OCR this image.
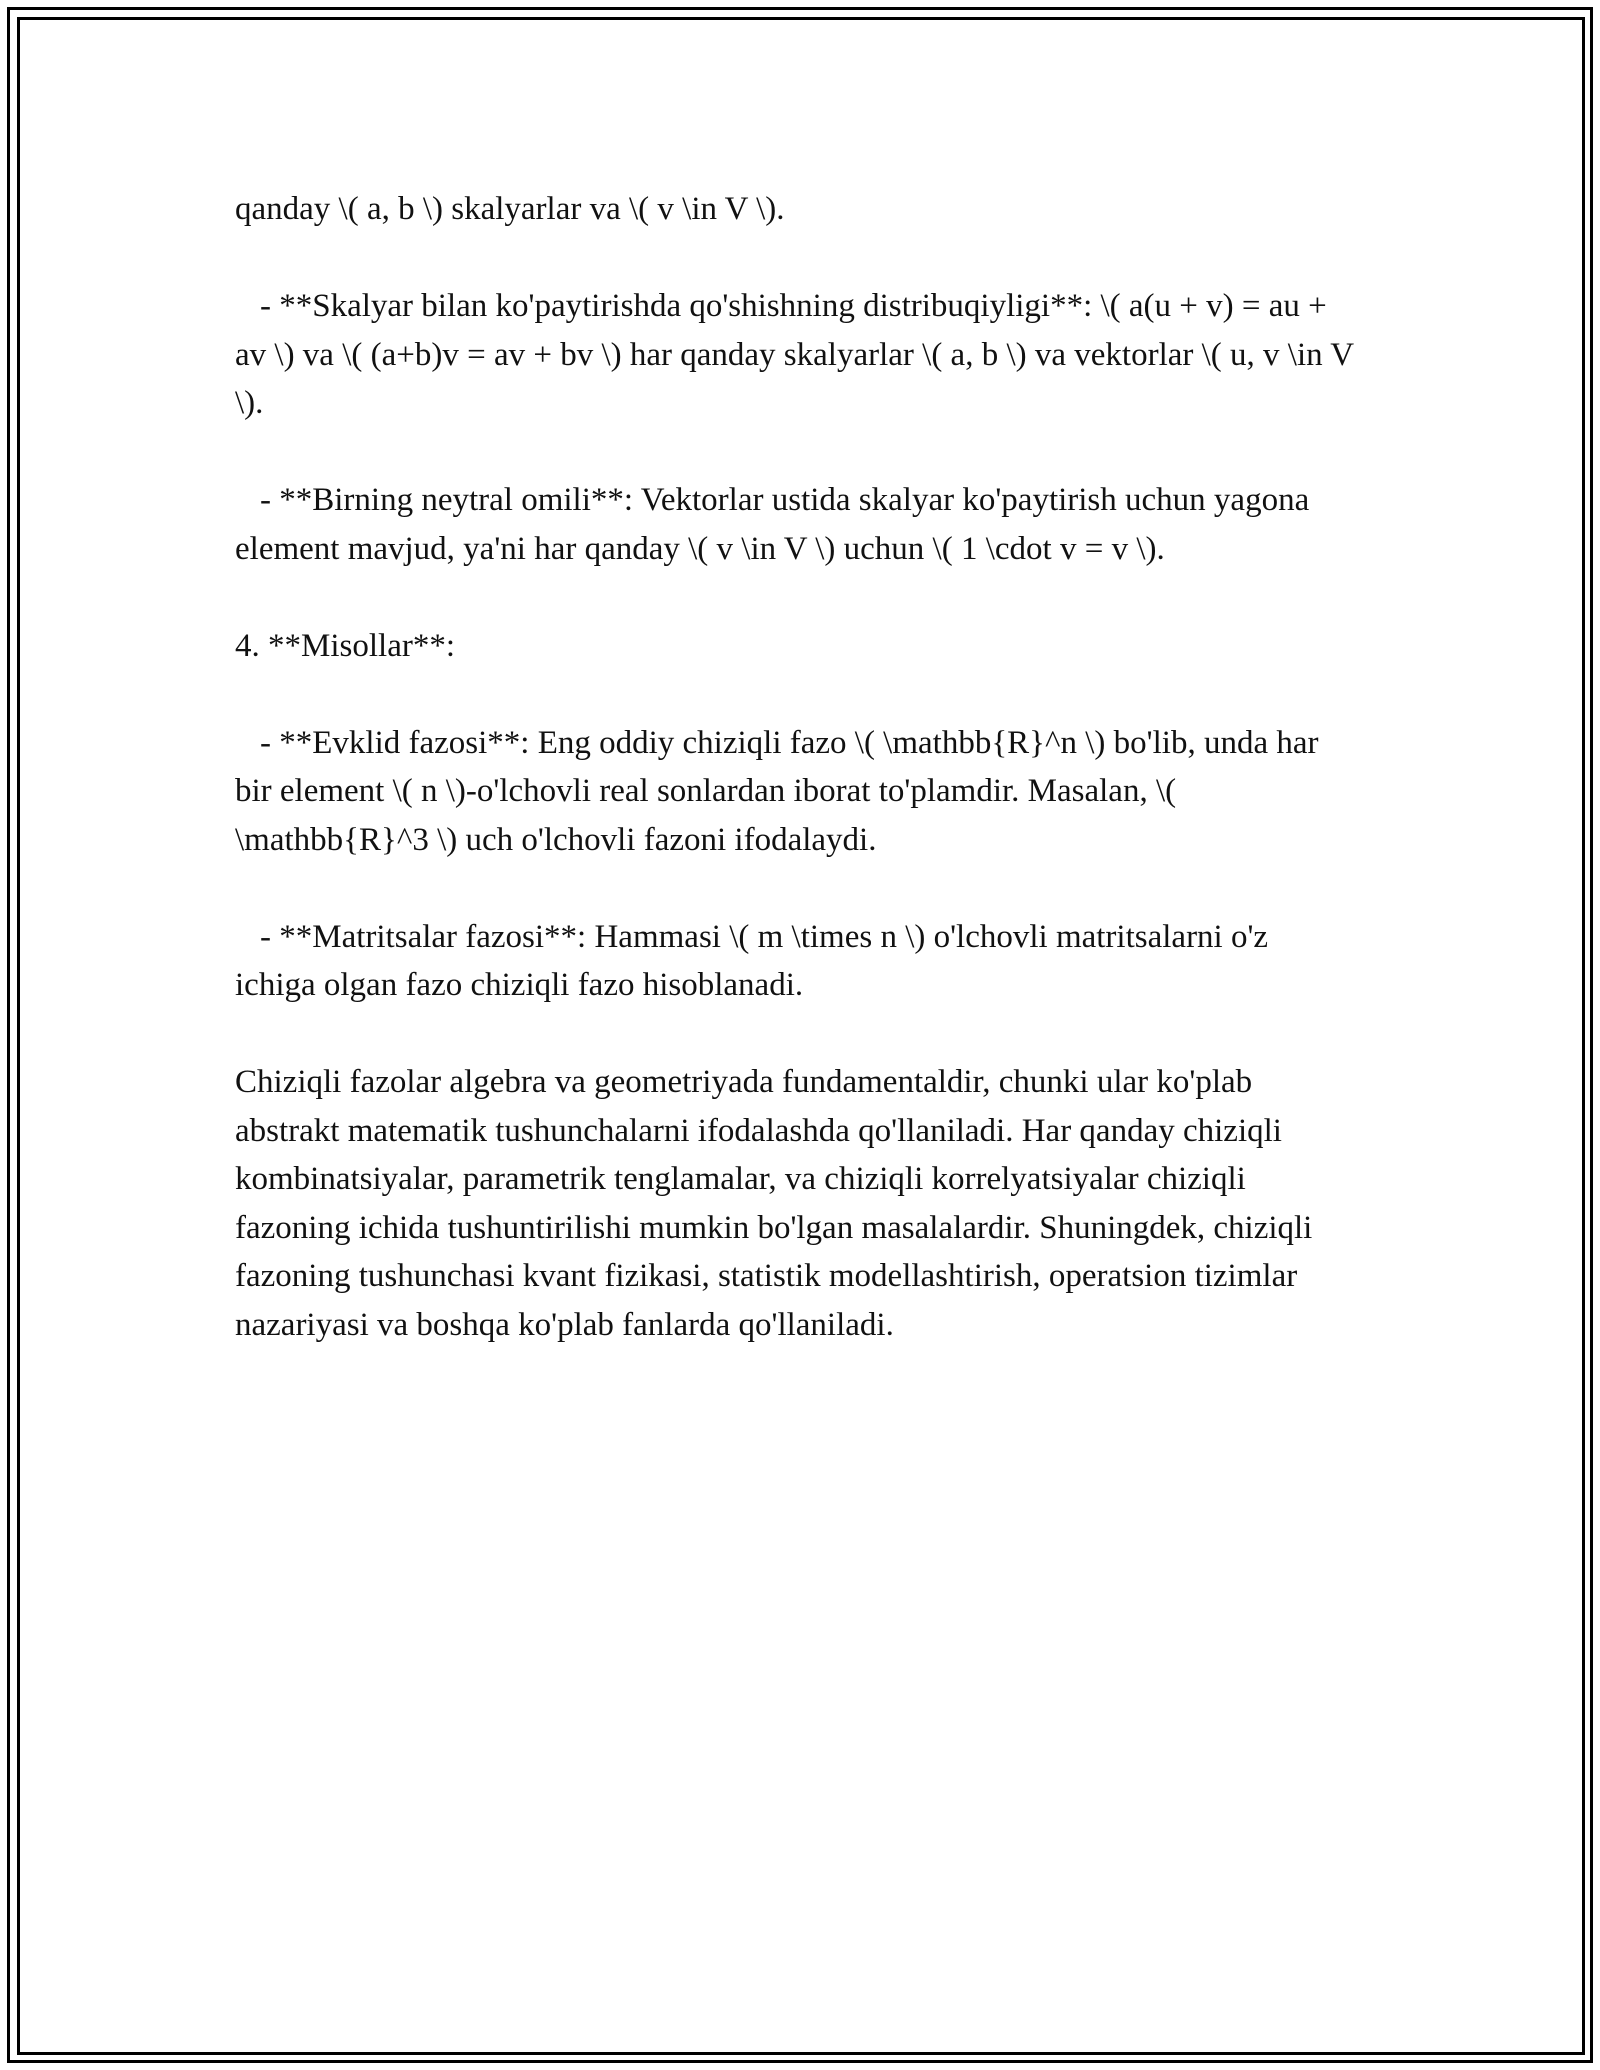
qanday \( a, b \) skalyarlar va \( v \in V \).

- **Skalyar bilan ko'paytirishda qo'shishning distribuqiyligi**: \( a(u + v) = au + av \) va \( (a+b)v = av + bv \) har qanday skalyarlar \( a, b \) va vektorlar \( u, v \in V \).

- **Birning neytral omili**: Vektorlar ustida skalyar ko'paytirish uchun yagona element mavjud, ya'ni har qanday \( v \in V \) uchun \( 1 \cdot v = v \).

4. **Misollar**:

- **Evklid fazosi**: Eng oddiy chiziqli fazo \( \mathbb{R}^n \) bo'lib, unda har bir element \( n \)-o'lchovli real sonlardan iborat to'plamdir. Masalan, \( \mathbb{R}^3 \) uch o'lchovli fazoni ifodalaydi.

- **Matritsalar fazosi**: Hammasi \( m \times n \) o'lchovli matritsalarni o'z ichiga olgan fazo chiziqli fazo hisoblanadi.

Chiziqli fazolar algebra va geometriyada fundamentaldir, chunki ular ko'plab abstrakt matematik tushunchalarni ifodalashda qo'llaniladi. Har qanday chiziqli kombinatsiyalar, parametrik tenglamalar, va chiziqli korrelyatsiyalar chiziqli fazoning ichida tushuntirilishi mumkin bo'lgan masalalardir. Shuningdek, chiziqli fazoning tushunchasi kvant fizikasi, statistik modellashtirish, operatsion tizimlar nazariyasi va boshqa ko'plab fanlarda qo'llaniladi.
